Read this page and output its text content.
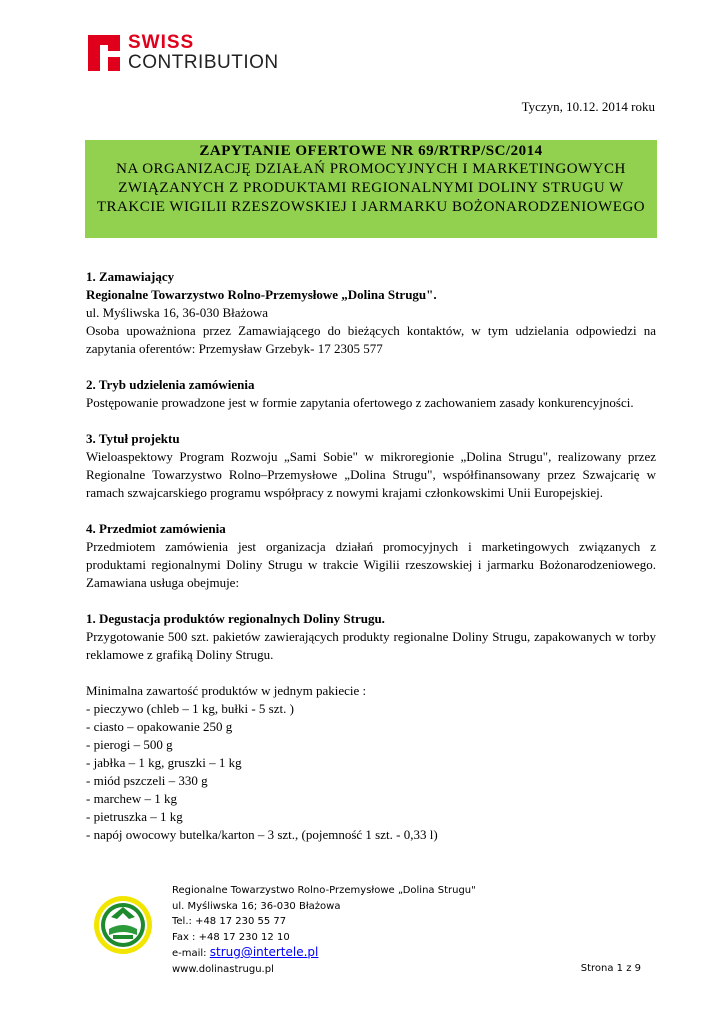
SWISS
CONTRIBUTION
Tyczyn, 10.12. 2014 roku
ZAPYTANIE OFERTOWE NR 69/RTRP/SC/2014
NA ORGANIZACJĘ DZIAŁAŃ PROMOCYJNYCH I MARKETINGOWYCH ZWIĄZANYCH Z PRODUKTAMI REGIONALNYMI DOLINY STRUGU W TRAKCIE WIGILII RZESZOWSKIEJ I JARMARKU BOŻONARODZENIOWEGO

1. Zamawiający

Regionalne Towarzystwo Rolno-Przemysłowe „Dolina Strugu".

ul. Myśliwska 16, 36-030 Błażowa

Osoba upoważniona przez Zamawiającego do bieżących kontaktów, w tym udzielania odpowiedzi na zapytania oferentów: Przemysław Grzebyk- 17 2305 577

2. Tryb udzielenia zamówienia

Postępowanie prowadzone jest w formie zapytania ofertowego z zachowaniem zasady konkurencyjności.

3. Tytuł projektu

Wieloaspektowy Program Rozwoju „Sami Sobie" w mikroregionie „Dolina Strugu", realizowany przez Regionalne Towarzystwo Rolno–Przemysłowe „Dolina Strugu", współfinansowany przez Szwajcarię w ramach szwajcarskiego programu współpracy z nowymi krajami członkowskimi Unii Europejskiej.

4. Przedmiot zamówienia

Przedmiotem zamówienia jest organizacja działań promocyjnych i marketingowych związanych z produktami regionalnymi Doliny Strugu w trakcie Wigilii rzeszowskiej i jarmarku Bożonarodzeniowego. Zamawiana usługa obejmuje:

1. Degustacja produktów regionalnych Doliny Strugu.

Przygotowanie 500 szt. pakietów zawierających produkty regionalne Doliny Strugu, zapakowanych w torby reklamowe z grafiką Doliny Strugu.

Minimalna zawartość produktów w jednym pakiecie :

- pieczywo (chleb – 1 kg, bułki - 5 szt. )

- ciasto – opakowanie 250 g

- pierogi – 500 g

- jabłka – 1 kg, gruszki – 1 kg

- miód pszczeli – 330 g

- marchew – 1 kg

- pietruszka – 1 kg

- napój owocowy butelka/karton – 3 szt., (pojemność 1 szt. - 0,33 l)

Regionalne Towarzystwo Rolno-Przemysłowe „Dolina Strugu"
ul. Myśliwska 16; 36-030 Błażowa
Tel.: +48 17 230 55 77
Fax : +48 17 230 12 10
e-mail: strug@intertele.pl
www.dolinastrugu.pl	Strona 1 z 9
